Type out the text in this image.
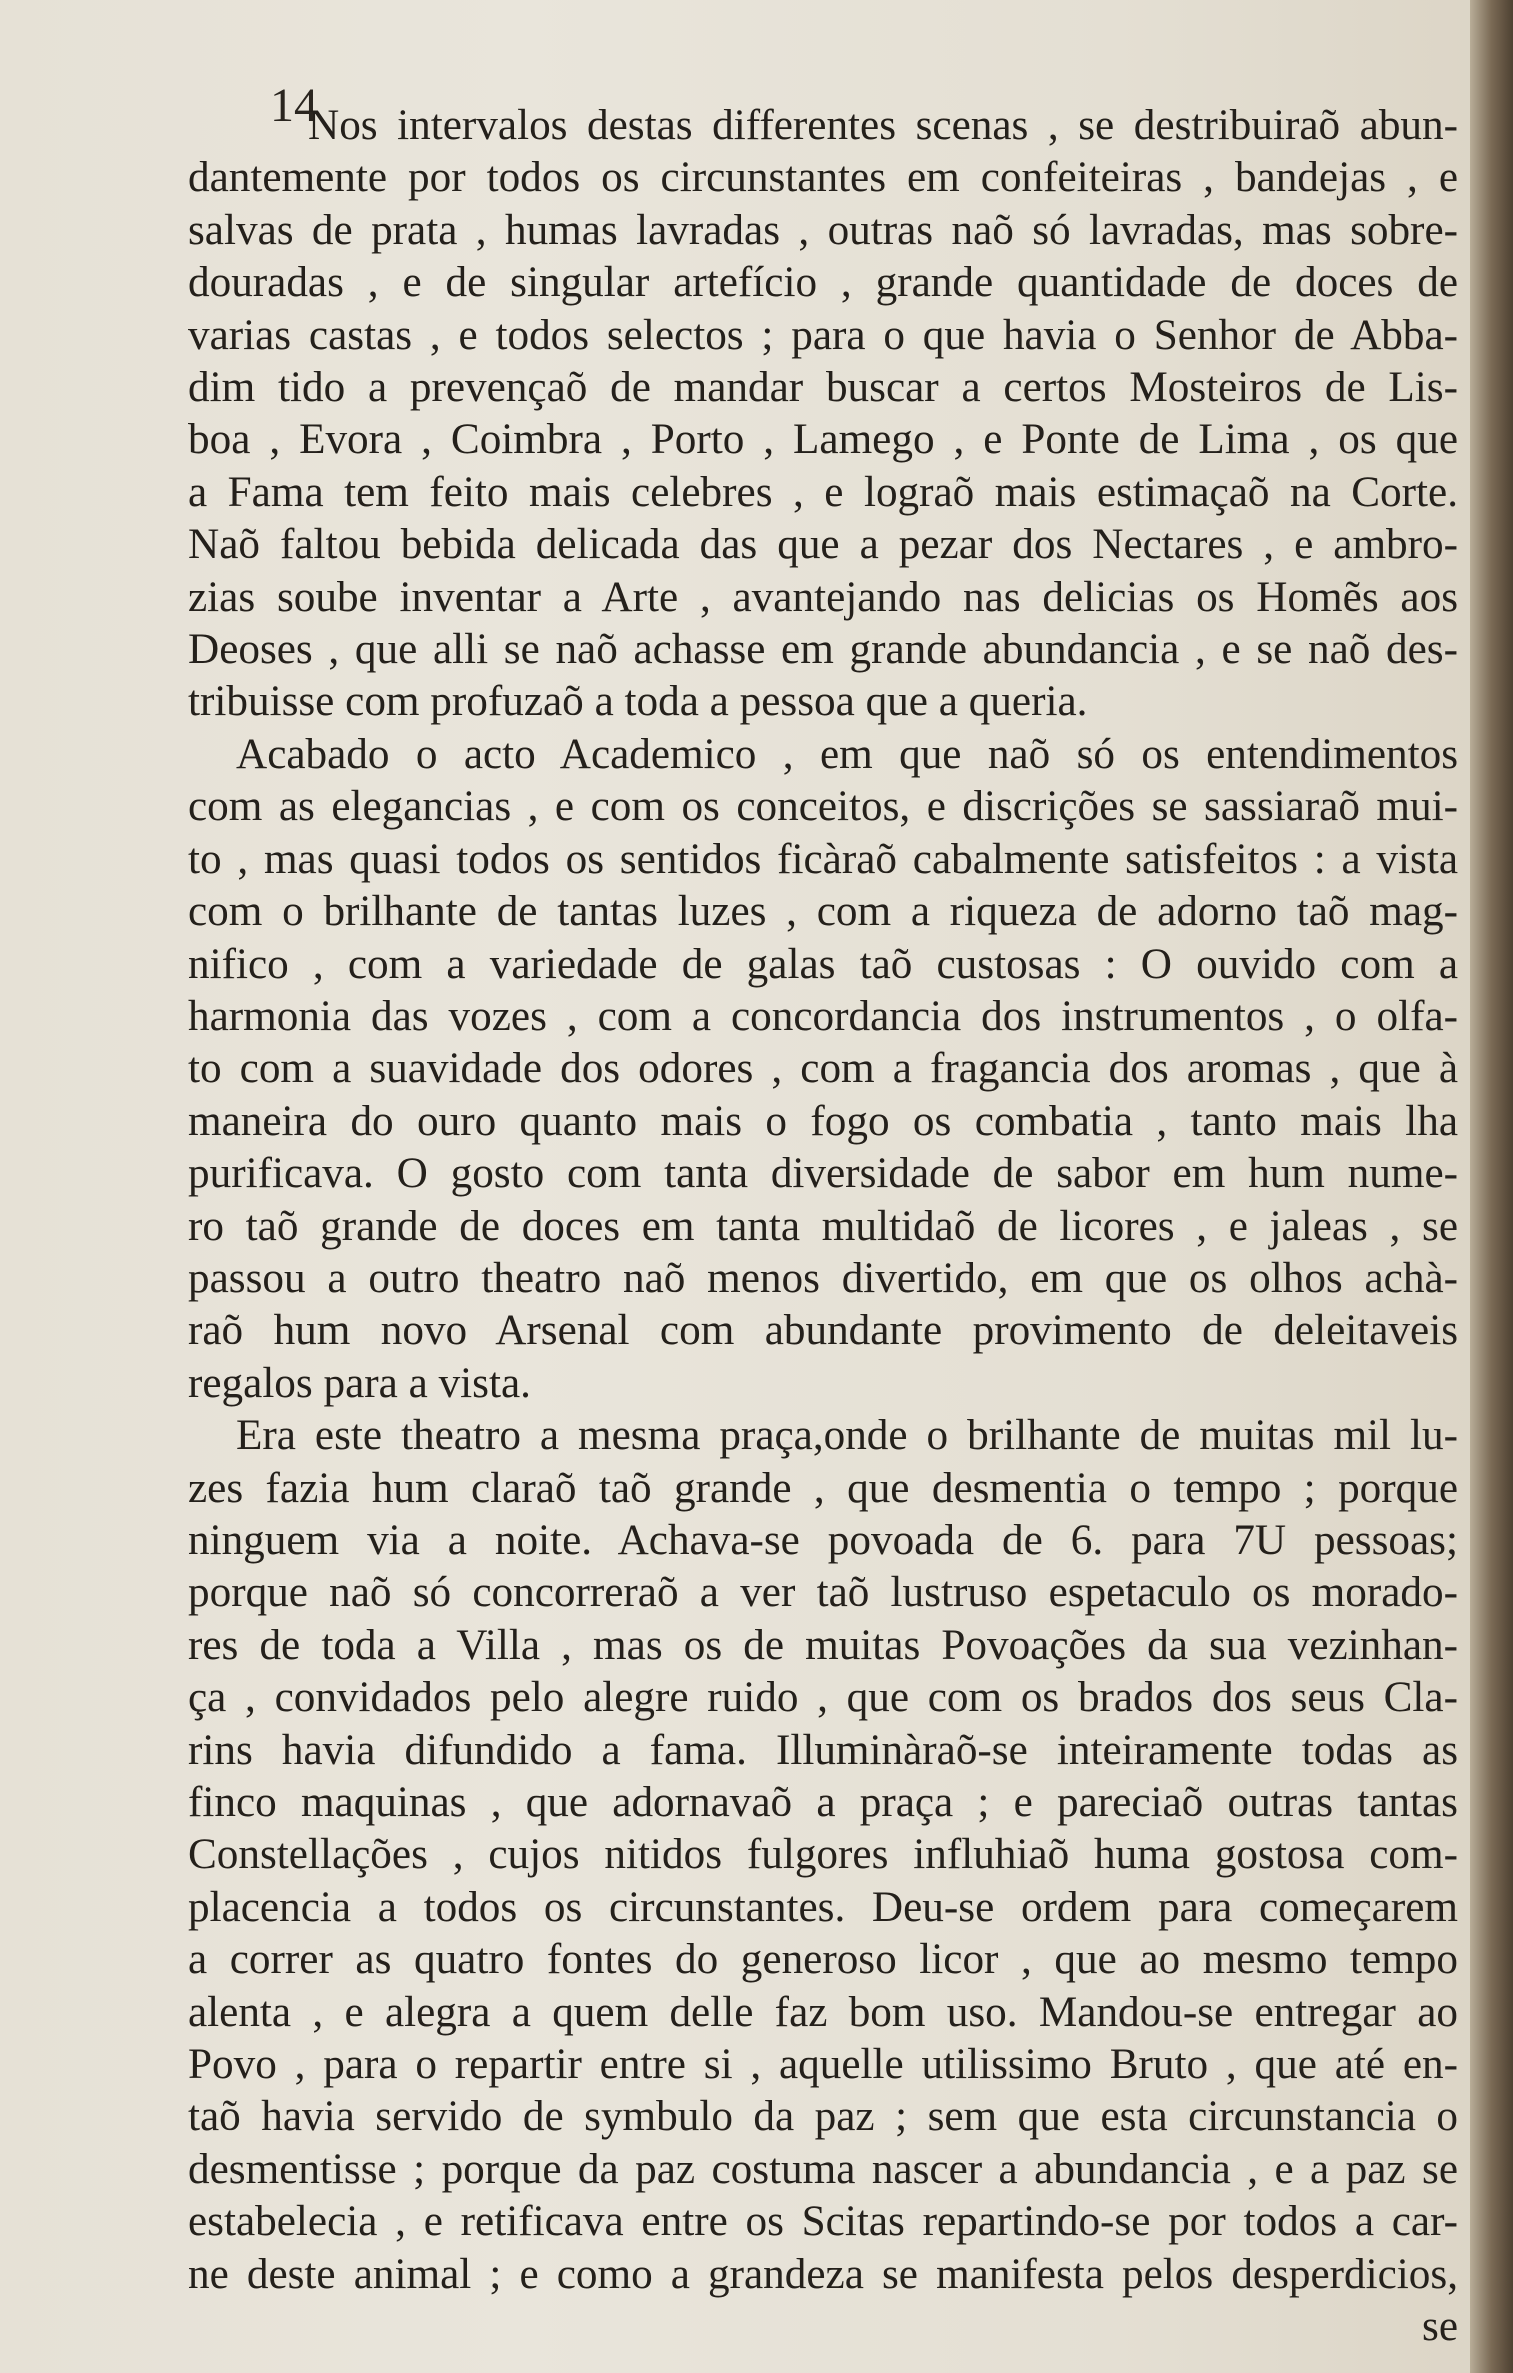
14
Nos intervalos destas differentes scenas , se destribuiraõ abun-
dantemente por todos os circunstantes em confeiteiras , bandejas , e
salvas de prata , humas lavradas , outras naõ só lavradas, mas sobre-
douradas , e de singular artefício , grande quantidade de doces de
varias castas , e todos selectos ; para o que havia o Senhor de Abba-
dim tido a prevençaõ de mandar buscar a certos Mosteiros de Lis-
boa , Evora , Coimbra , Porto , Lamego , e Ponte de Lima , os que
a Fama tem feito mais celebres , e lograõ mais estimaçaõ na Corte.
Naõ faltou bebida delicada das que a pezar dos Nectares , e ambro-
zias soube inventar a Arte , avantejando nas delicias os Homẽs aos
Deoses , que alli se naõ achasse em grande abundancia , e se naõ des-
tribuisse com profuzaõ a toda a pessoa que a queria.
Acabado o acto Academico , em que naõ só os entendimentos
com as elegancias , e com os conceitos, e discrições se sassiaraõ mui-
to , mas quasi todos os sentidos ficàraõ cabalmente satisfeitos : a vista
com o brilhante de tantas luzes , com a riqueza de adorno taõ mag-
nifico , com a variedade de galas taõ custosas : O ouvido com a
harmonia das vozes , com a concordancia dos instrumentos , o olfa-
to com a suavidade dos odores , com a fragancia dos aromas , que à
maneira do ouro quanto mais o fogo os combatia , tanto mais lha
purificava. O gosto com tanta diversidade de sabor em hum nume-
ro taõ grande de doces em tanta multidaõ de licores , e jaleas , se
passou a outro theatro naõ menos divertido, em que os olhos achà-
raõ hum novo Arsenal com abundante provimento de deleitaveis
regalos para a vista.
Era este theatro a mesma praça,onde o brilhante de muitas mil lu-
zes fazia hum claraõ taõ grande , que desmentia o tempo ; porque
ninguem via a noite. Achava-se povoada de 6. para 7U pessoas;
porque naõ só concorreraõ a ver taõ lustruso espetaculo os morado-
res de toda a Villa , mas os de muitas Povoações da sua vezinhan-
ça , convidados pelo alegre ruido , que com os brados dos seus Cla-
rins havia difundido a fama. Illuminàraõ-se inteiramente todas as
finco maquinas , que adornavaõ a praça ; e pareciaõ outras tantas
Constellações , cujos nitidos fulgores influhiaõ huma gostosa com-
placencia a todos os circunstantes. Deu-se ordem para começarem
a correr as quatro fontes do generoso licor , que ao mesmo tempo
alenta , e alegra a quem delle faz bom uso. Mandou-se entregar ao
Povo , para o repartir entre si , aquelle utilissimo Bruto , que até en-
taõ havia servido de symbulo da paz ; sem que esta circunstancia o
desmentisse ; porque da paz costuma nascer a abundancia , e a paz se
estabelecia , e retificava entre os Scitas repartindo-se por todos a car-
ne deste animal ; e como a grandeza se manifesta pelos desperdicios,
se
